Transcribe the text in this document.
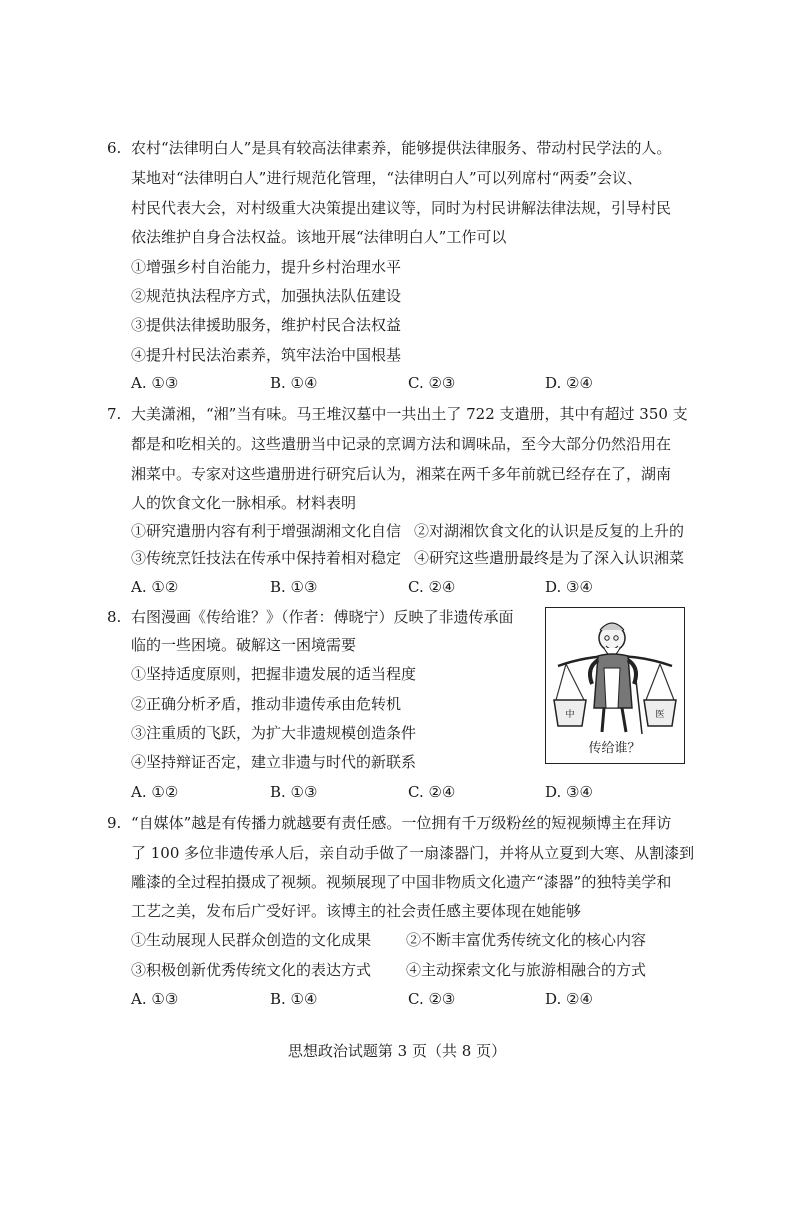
6. 农村“法律明白人”是具有较高法律素养，能够提供法律服务、带动村民学法的人。
某地对“法律明白人”进行规范化管理，“法律明白人”可以列席村“两委”会议、
村民代表大会，对村级重大决策提出建议等，同时为村民讲解法律法规，引导村民
依法维护自身合法权益。该地开展“法律明白人”工作可以
①增强乡村自治能力，提升乡村治理水平
②规范执法程序方式，加强执法队伍建设
③提供法律援助服务，维护村民合法权益
④提升村民法治素养，筑牢法治中国根基
A. ①③	B. ①④	C. ②③	D. ②④
7. 大美潇湘，“湘”当有味。马王堆汉墓中一共出土了 722 支遣册，其中有超过 350 支
都是和吃相关的。这些遣册当中记录的烹调方法和调味品，至今大部分仍然沿用在
湘菜中。专家对这些遣册进行研究后认为，湘菜在两千多年前就已经存在了，湖南
人的饮食文化一脉相承。材料表明
①研究遣册内容有利于增强湖湘文化自信 ②对湖湘饮食文化的认识是反复的上升的
③传统烹饪技法在传承中保持着相对稳定 ④研究这些遣册最终是为了深入认识湘菜
A. ①②	B. ①③	C. ②④	D. ③④
8. 右图漫画《传给谁？》（作者：傅晓宁）反映了非遗传承面
临的一些困境。破解这一困境需要
①坚持适度原则，把握非遗发展的适当程度
②正确分析矛盾，推动非遗传承由危转机
③注重质的飞跃，为扩大非遗规模创造条件
④坚持辩证否定，建立非遗与时代的新联系
A. ①②	B. ①③	C. ②④	D. ③④
中	医
传给谁？
9. “自媒体”越是有传播力就越要有责任感。一位拥有千万级粉丝的短视频博主在拜访
了 100 多位非遗传承人后，亲自动手做了一扇漆器门，并将从立夏到大寒、从割漆到
雕漆的全过程拍摄成了视频。视频展现了中国非物质文化遗产“漆器”的独特美学和
工艺之美，发布后广受好评。该博主的社会责任感主要体现在她能够
①生动展现人民群众创造的文化成果 ②不断丰富优秀传统文化的核心内容
③积极创新优秀传统文化的表达方式 ④主动探索文化与旅游相融合的方式
A. ①③	B. ①④	C. ②③	D. ②④
思想政治试题第 3 页（共 8 页）
